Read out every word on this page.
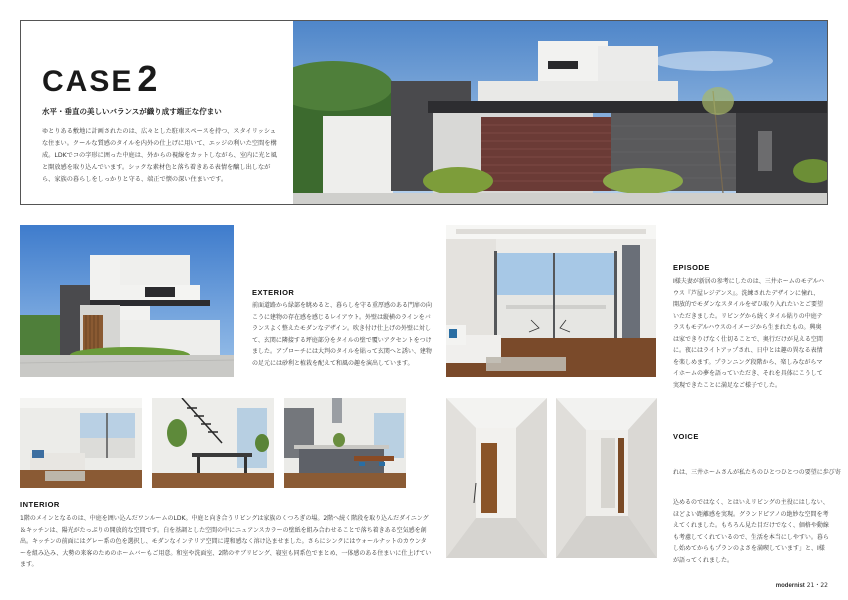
CASE 2
水平・垂直の美しいバランスが織り成す端正な佇まい
ゆとりある敷地に計画されたのは、広々とした駐車スペースを持つ、スタイリッシュな住まい。クールな質感のタイルを内外の仕上げに用いて、エッジの利いた空間を構成。LDKでコの字形に囲った中庭は、外からの視線をカットしながら、室内に光と風と開放感を取り込んでいます。シックな素材色と落ち着きある表情を醸し出しながら、家族の暮らしをしっかりと守る、端正で懐の深い住まいです。
EXTERIOR
前面道路から緑部を眺めると、暮らしを守る重厚感のある門扉の向こうに建物の存在感を感じるレイアウト。外壁は縦横のラインをバランスよく整えたモダンなデザイン。吹き付け仕上げの外壁に対して、玄関に隣接する坪庭部分をタイルの壁で覆いアクセントをつけました。アプローチには大判のタイルを貼って玄関へと誘い、建物の足元には砂利と植栽を配えて和風の趣を演出しています。
EPISODE
I様夫妻が新居の参考にしたのは、三井ホームのモデルハウス『芦屋レジデンス』。洗練されたデザインに憧れ、開放的でモダンなスタイルをぜひ取り入れたいとご要望いただきました。リビングから続くタイル貼りの中庭テラスもモデルハウスのイメージから生まれたもの。興奥は家できりげなく仕切ることで、奥行だけが見える空間に。夜にはライトアップされ、日中とは趣の異なる表情を楽しめます。プランニング段階から、楽しみながらマイホームの夢を語っていただき、それを具体にこうして実現できたことに満足なご様子でした。
INTERIOR
1階のメインとなるのは、中庭を囲い込んだワンルームのLDK。中庭と向き合うリビングは家族のくつろぎの場。2階へ続く階段を取り込んだダイニング＆キッチンは、陽光がたっぷりの開放的な空間です。白を基調とした空間の中にニュアンスカラーの壁紙を組み合わせることで落ち着きある空気感を創出。キッチンの前面にはグレー系の色を選択し、モダンなインテリア空間に違和感なく溶け込ませました。さらにシンクにはウォールナットのカウンターを組み込み、大勢の来客のためのホームバーもご用意。和室や洗面室、2階のサブリビング、寝室も同系色でまとめ、一体感のある住まいに仕上げています。
VOICE
れは、三井ホームさんが私たちのひとつひとつの要望に歩び寄
込めるのではなく、とはいえリビングの主役にはしない、ほどよい距離感を実現。グランドピアノの絶妙な空間を考えてくれました。もちろん見た目だけでなく、価格や動線も考慮してくれているので、生活を本当にしやすい。暮らし始めてからもプランのよさを満喫しています」と、I様が語ってくれました。
modernist 21・22
